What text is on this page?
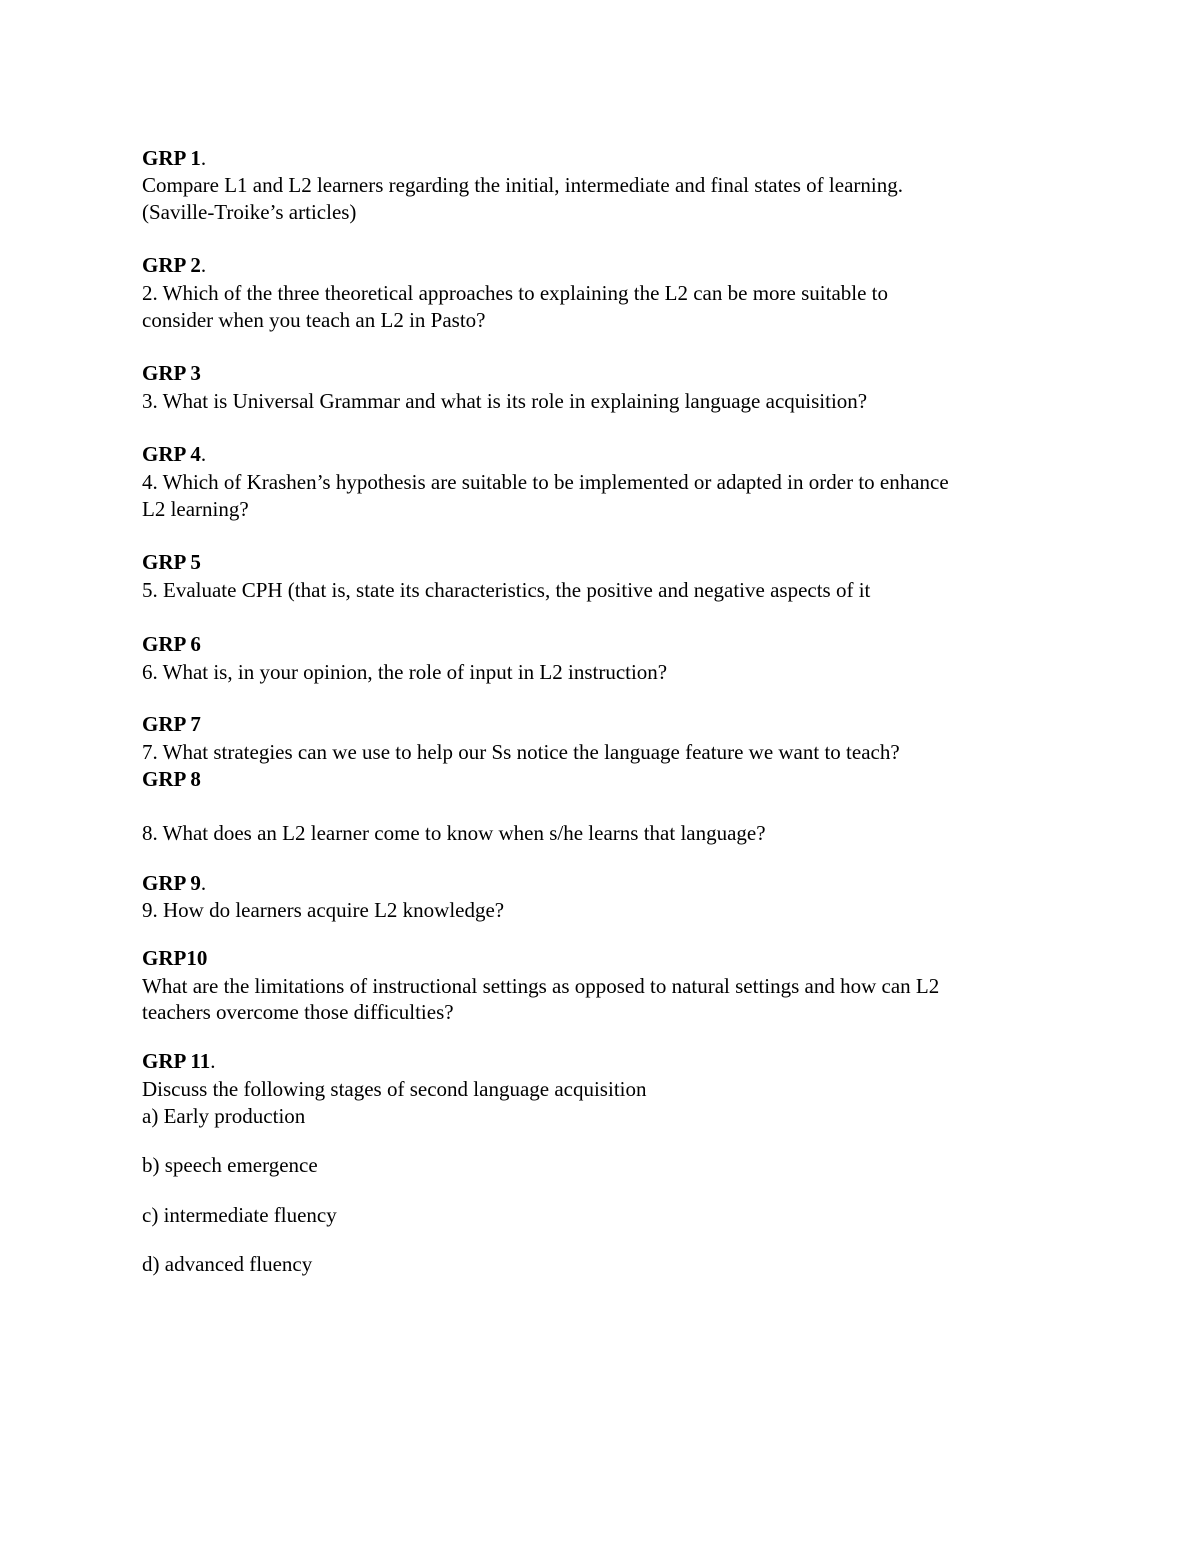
GRP 1.
Compare L1 and L2 learners regarding the initial, intermediate and final states of learning.
(Saville-Troike’s articles)
GRP 2.
2. Which of the three theoretical approaches to explaining the L2 can be more suitable to
consider when you teach an L2 in Pasto?
GRP 3
3. What is Universal Grammar and what is its role in explaining language acquisition?
GRP 4.
4. Which of Krashen’s hypothesis are suitable to be implemented or adapted in order to enhance
L2 learning?
GRP 5
5. Evaluate CPH (that is, state its characteristics, the positive and negative aspects of it
GRP 6
6. What is, in your opinion, the role of input in L2 instruction?
GRP 7
7. What strategies can we use to help our Ss notice the language feature we want to teach?
GRP 8
8. What does an L2 learner come to know when s/he learns that language?
GRP 9.
9. How do learners acquire L2 knowledge?
GRP10
What are the limitations of instructional settings as opposed to natural settings and how can L2
teachers overcome those difficulties?
GRP 11.
Discuss the following stages of second language acquisition
a) Early production
b) speech emergence
c) intermediate fluency
d) advanced fluency
